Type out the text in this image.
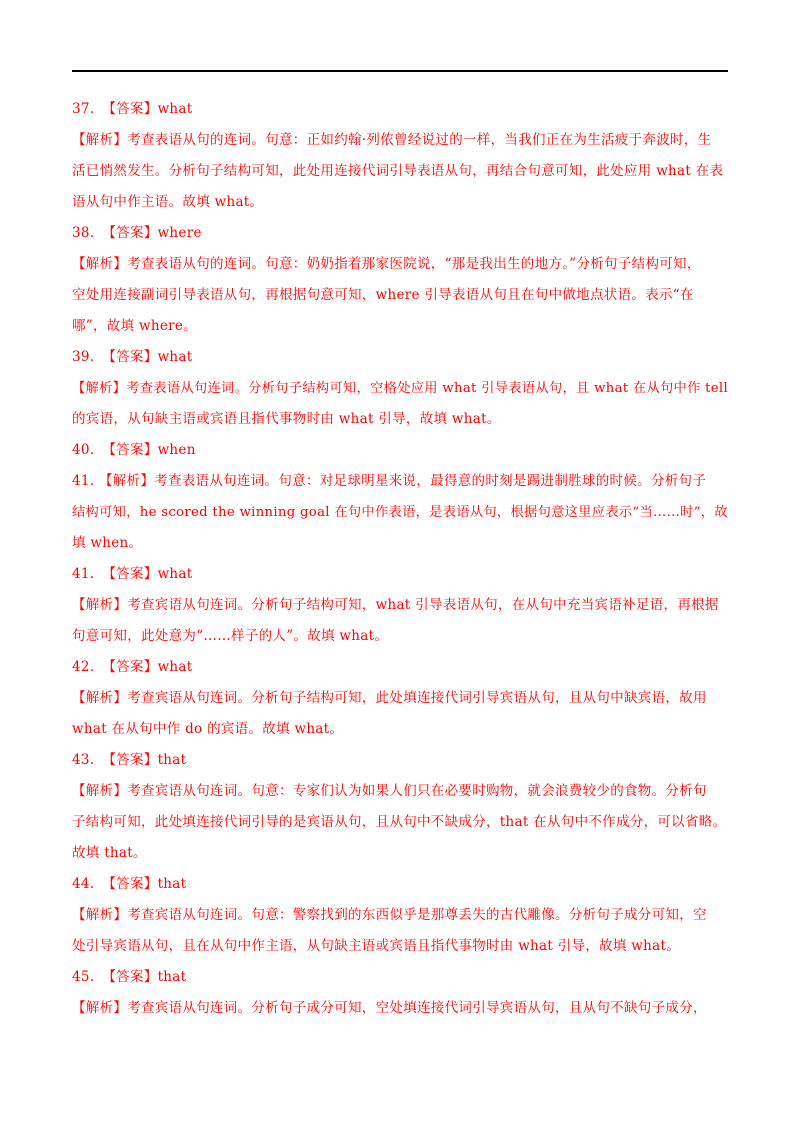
37. 【答案】what
【解析】考查表语从句的连词。句意：正如约翰·列侬曾经说过的一样，当我们正在为生活疲于奔波时，生
活已悄然发生。分析句子结构可知，此处用连接代词引导表语从句，再结合句意可知，此处应用 what 在表
语从句中作主语。故填 what。
38. 【答案】where
【解析】考查表语从句的连词。句意：奶奶指着那家医院说，“那是我出生的地方。”分析句子结构可知，
空处用连接副词引导表语从句，再根据句意可知，where 引导表语从句且在句中做地点状语。表示“在
哪”，故填 where。
39. 【答案】what
【解析】考查表语从句连词。分析句子结构可知，空格处应用 what 引导表语从句，且 what 在从句中作 tell
的宾语，从句缺主语或宾语且指代事物时由 what 引导，故填 what。
40. 【答案】when
41. 【解析】考查表语从句连词。句意：对足球明星来说，最得意的时刻是踢进制胜球的时候。分析句子
结构可知，he scored the winning goal 在句中作表语，是表语从句，根据句意这里应表示“当……时”，故
填 when。
41. 【答案】what
【解析】考查宾语从句连词。分析句子结构可知，what 引导表语从句，在从句中充当宾语补足语，再根据
句意可知，此处意为“……样子的人”。故填 what。
42. 【答案】what
【解析】考查宾语从句连词。分析句子结构可知，此处填连接代词引导宾语从句，且从句中缺宾语，故用
what 在从句中作 do 的宾语。故填 what。
43. 【答案】that
【解析】考查宾语从句连词。句意：专家们认为如果人们只在必要时购物，就会浪费较少的食物。分析句
子结构可知，此处填连接代词引导的是宾语从句，且从句中不缺成分，that 在从句中不作成分，可以省略。
故填 that。
44. 【答案】that
【解析】考查宾语从句连词。句意：警察找到的东西似乎是那尊丢失的古代雕像。分析句子成分可知，空
处引导宾语从句，且在从句中作主语，从句缺主语或宾语且指代事物时由 what 引导，故填 what。
45. 【答案】that
【解析】考查宾语从句连词。分析句子成分可知，空处填连接代词引导宾语从句，且从句不缺句子成分，
